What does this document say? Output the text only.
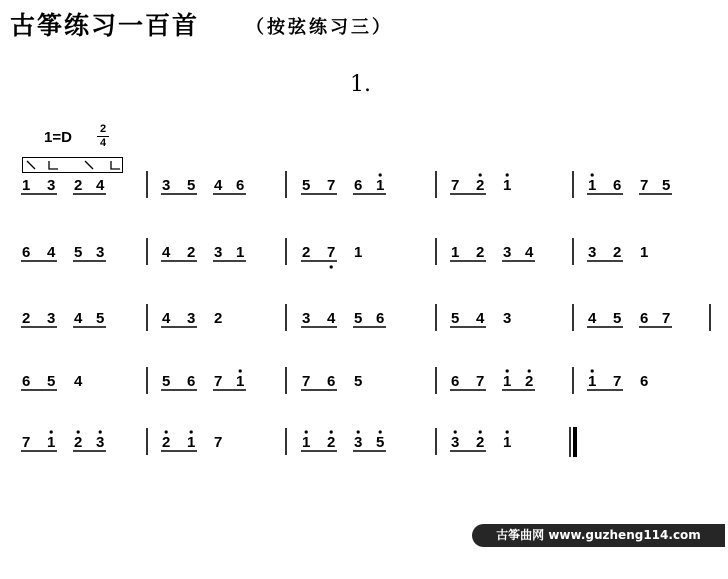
古筝练习一百首	（按弦练习三）
1.
1=D	2
4
1 3 2 4	3 5 4 6	5 7 6 1	7 2 1	1 6 7 5
6 4 5 3	4 2 3 1	2 7 1	1 2 3 4	3 2 1
2 3 4 5	4 3 2	3 4 5 6	5 4 3	4 5 6 7
6 5 4	5 6 7 1	7 6 5	6 7 1 2	1 7 6
7 1 2 3	2 1 7	1 2 3 5	3 2 1
古筝曲网 www.guzheng114.com
